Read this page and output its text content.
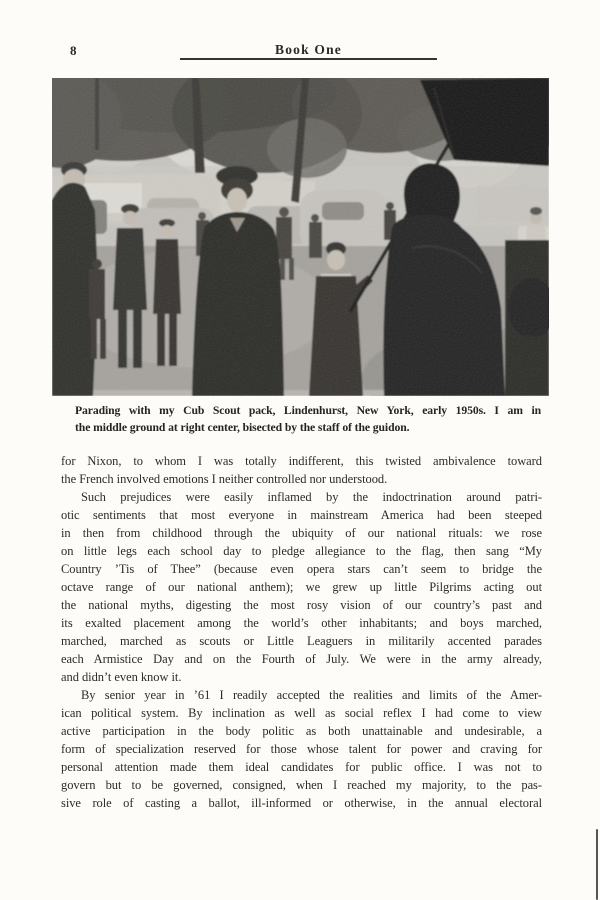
8	Book One
Parading with my Cub Scout pack, Lindenhurst, New York, early 1950s. I am in
the middle ground at right center, bisected by the staff of the guidon.
for Nixon, to whom I was totally indifferent, this twisted ambivalence toward
the French involved emotions I neither controlled nor understood.
Such prejudices were easily inflamed by the indoctrination around patri-
otic sentiments that most everyone in mainstream America had been steeped
in then from childhood through the ubiquity of our national rituals: we rose
on little legs each school day to pledge allegiance to the flag, then sang “My
Country ’Tis of Thee” (because even opera stars can’t seem to bridge the
octave range of our national anthem); we grew up little Pilgrims acting out
the national myths, digesting the most rosy vision of our country’s past and
its exalted placement among the world’s other inhabitants; and boys marched,
marched, marched as scouts or Little Leaguers in militarily accented parades
each Armistice Day and on the Fourth of July. We were in the army already,
and didn’t even know it.
By senior year in ’61 I readily accepted the realities and limits of the Amer-
ican political system. By inclination as well as social reflex I had come to view
active participation in the body politic as both unattainable and undesirable, a
form of specialization reserved for those whose talent for power and craving for
personal attention made them ideal candidates for public office. I was not to
govern but to be governed, consigned, when I reached my majority, to the pas-
sive role of casting a ballot, ill-informed or otherwise, in the annual electoral
